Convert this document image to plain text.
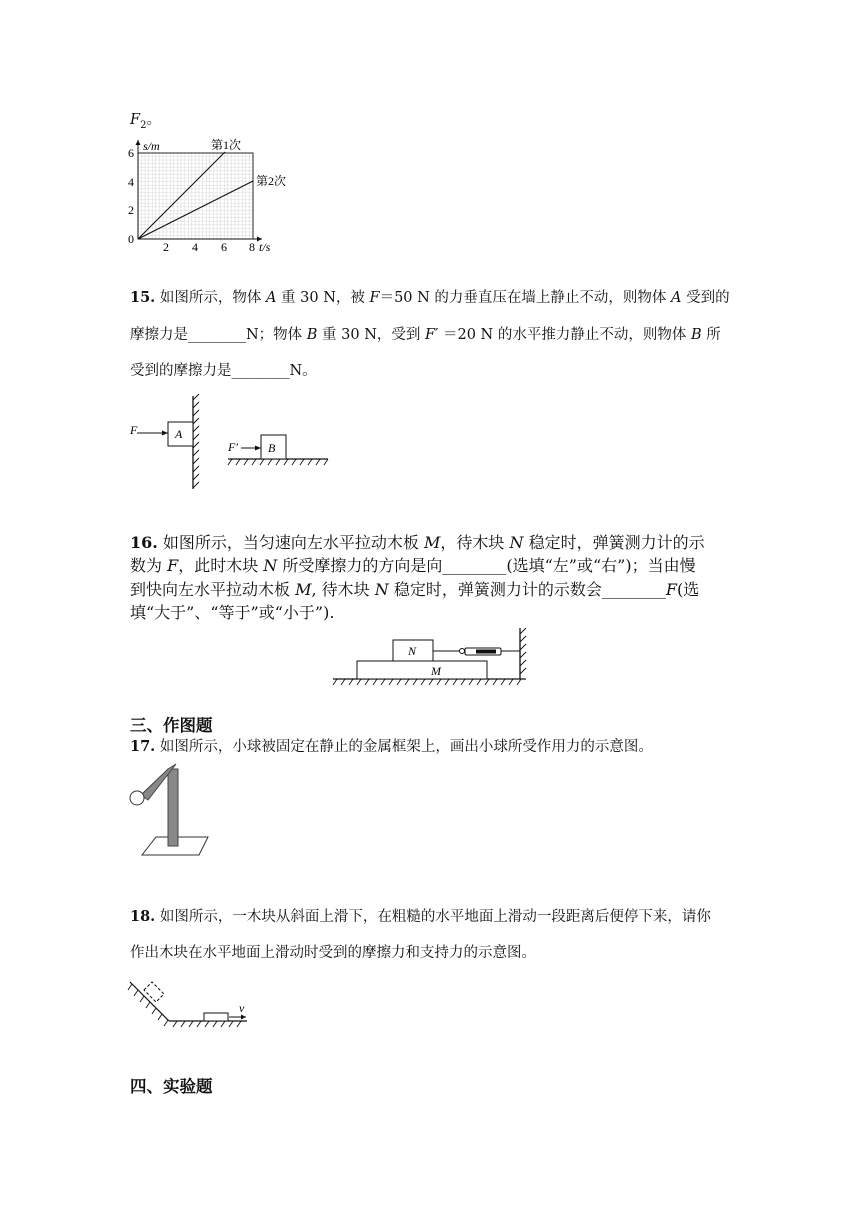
$F_2$。
s/m
t/s
6
4
2
0
2 4 6 8
第1次
第2次
15. 如图所示，物体 A 重 30 N，被 F＝50 N 的力垂直压在墙上静止不动，则物体 A 受到的
摩擦力是________N；物体 B 重 30 N，受到 F′ ＝20 N 的水平推力静止不动，则物体 B 所
受到的摩擦力是________N。
A
F
B
F′
16. 如图所示，当匀速向左水平拉动木板 M，待木块 N 稳定时，弹簧测力计的示
数为 F，此时木块 N 所受摩擦力的方向是向________(选填“左”或“右”)；当由慢
到快向左水平拉动木板 M, 待木块 N 稳定时，弹簧测力计的示数会________F(选
填“大于”、“等于”或“小于”).
M
N
三、作图题
17. 如图所示，小球被固定在静止的金属框架上，画出小球所受作用力的示意图。
18. 如图所示，一木块从斜面上滑下，在粗糙的水平地面上滑动一段距离后便停下来，请你
作出木块在水平地面上滑动时受到的摩擦力和支持力的示意图。
v
四、实验题
